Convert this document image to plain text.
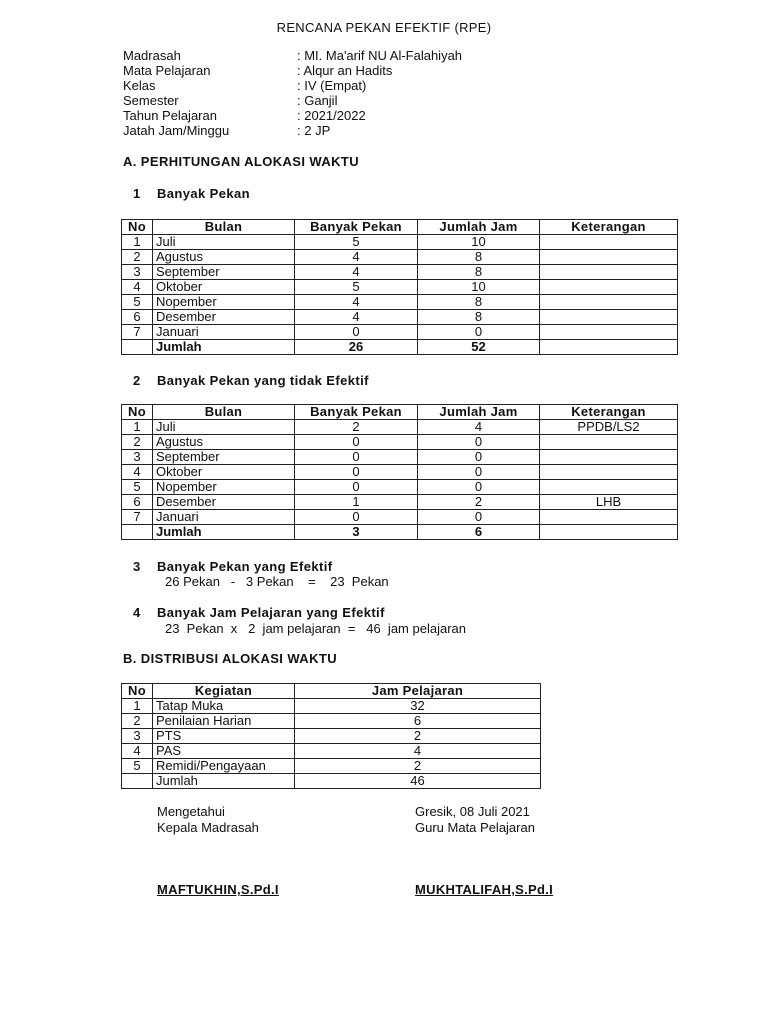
RENCANA PEKAN EFEKTIF (RPE)
Madrasah	: MI. Ma'arif NU Al-Falahiyah
Mata Pelajaran	: Alqur an Hadits
Kelas	: IV (Empat)
Semester	: Ganjil
Tahun Pelajaran	: 2021/2022
Jatah Jam/Minggu	: 2 JP
A. PERHITUNGAN ALOKASI WAKTU
1 Banyak Pekan
No	Bulan	Banyak Pekan	Jumlah Jam	Keterangan
1	Juli	5	10	
2	Agustus	4	8	
3	September	4	8	
4	Oktober	5	10	
5	Nopember	4	8	
6	Desember	4	8	
7	Januari	0	0	
	Jumlah	26	52	
2 Banyak Pekan yang tidak Efektif
No	Bulan	Banyak Pekan	Jumlah Jam	Keterangan
1	Juli	2	4	PPDB/LS2
2	Agustus	0	0	
3	September	0	0	
4	Oktober	0	0	
5	Nopember	0	0	
6	Desember	1	2	LHB
7	Januari	0	0	
	Jumlah	3	6	
3 Banyak Pekan yang Efektif
26 Pekan   -   3 Pekan    =    23  Pekan
4 Banyak Jam Pelajaran yang Efektif
23  Pekan  x   2  jam pelajaran  =   46  jam pelajaran
B. DISTRIBUSI ALOKASI WAKTU
No	Kegiatan	Jam Pelajaran
1	Tatap Muka	32
2	Penilaian Harian	6
3	PTS	2
4	PAS	4
5	Remidi/Pengayaan	2
	Jumlah	46
Mengetahui
Kepala Madrasah
MAFTUKHIN,S.Pd.I
Gresik, 08 Juli 2021
Guru Mata Pelajaran
MUKHTALIFAH,S.Pd.I
